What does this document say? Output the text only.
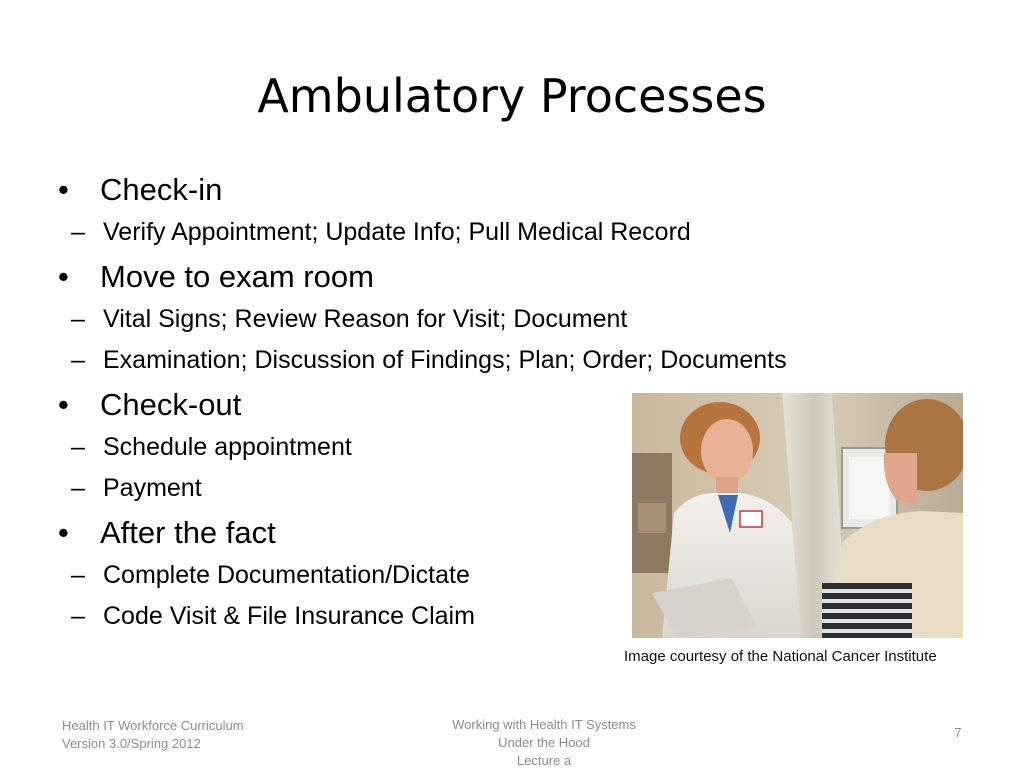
Ambulatory Processes
• Check-in
– Verify Appointment; Update Info; Pull Medical Record
• Move to exam room
– Vital Signs; Review Reason for Visit; Document
– Examination; Discussion of Findings; Plan; Order; Documents
• Check-out
– Schedule appointment
– Payment
• After the fact
– Complete Documentation/Dictate
– Code Visit & File Insurance Claim
Image courtesy of the National Cancer Institute
Health IT Workforce Curriculum
Version 3.0/Spring 2012
Working with Health IT Systems
Under the Hood
Lecture a
7
